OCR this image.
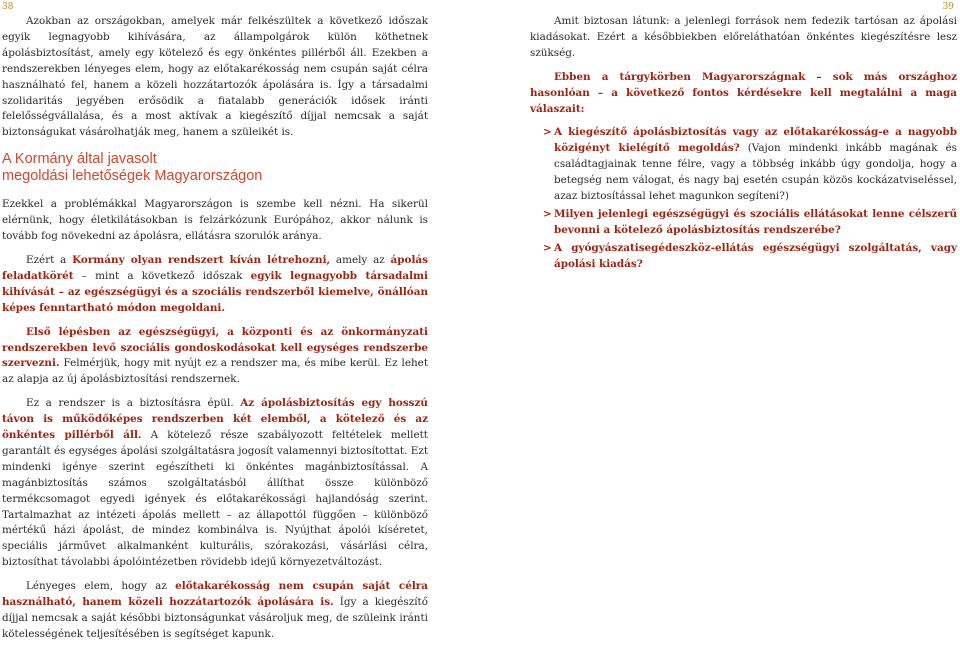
38	39

Azokban az országokban, amelyek már felkészültek a következő időszak egyik legnagyobb kihívására, az állampolgárok külön köthetnek ápolásbiztosítást, amely egy kötelező és egy önkéntes pillérből áll. Ezekben a rendszerekben lényeges elem, hogy az előtakarékosság nem csupán saját célra használható fel, hanem a közeli hozzátartozók ápolására is. Így a társadalmi szolidaritás jegyében erősödik a fiatalabb generációk idősek iránti felelősségvállalása, és a most aktívak a kiegészítő díjjal nemcsak a saját biztonságukat vásárolhatják meg, hanem a szüleikét is.

A Kormány által javasolt
megoldási lehetőségek Magyarországon

Ezekkel a problémákkal Magyarországon is szembe kell nézni. Ha sikerül elérnünk, hogy életkilátásokban is felzárkózunk Európához, akkor nálunk is tovább fog növekedni az ápolásra, ellátásra szorulók aránya.

Ezért a Kormány olyan rendszert kíván létrehozni, amely az ápolás feladatkörét – mint a következő időszak egyik legnagyobb társadalmi kihívását – az egészségügyi és a szociális rendszerből kiemelve, önállóan képes fenntartható módon megoldani.

Első lépésben az egészségügyi, a központi és az önkormányzati rendszerekben levő szociális gondoskodásokat kell egységes rendszerbe szervezni. Felmérjük, hogy mit nyújt ez a rendszer ma, és mibe kerül. Ez lehet az alapja az új ápolásbiztosítási rendszernek.

Ez a rendszer is a biztosításra épül. Az ápolásbiztosítás egy hosszú távon is működőképes rendszerben két elemből, a kötelező és az önkéntes pillérből áll. A kötelező része szabályozott feltételek mellett garantált és egységes ápolási szolgáltatásra jogosít valamennyi biztosítottat. Ezt mindenki igénye szerint egészítheti ki önkéntes magánbiztosítással. A magánbiztosítás számos szolgáltatásból állíthat össze különböző termékcsomagot egyedi igények és előtakarékossági hajlandóság szerint. Tartalmazhat az intézeti ápolás mellett – az állapottól függően – különböző mértékű házi ápolást, de mindez kombinálva is. Nyújthat ápolói kíséretet, speciális járművet alkalmanként kulturális, szórakozási, vásárlási célra, biztosíthat távolabbi ápolóintézetben rövidebb idejű környezetváltozást.

Lényeges elem, hogy az előtakarékosság nem csupán saját célra használható, hanem közeli hozzátartozók ápolására is. Így a kiegészítő díjjal nemcsak a saját későbbi biztonságunkat vásároljuk meg, de szüleink iránti kötelességének teljesítésében is segítséget kapunk.

Amit biztosan látunk: a jelenlegi források nem fedezik tartósan az ápolási kiadásokat. Ezért a későbbiekben előreláthatóan önkéntes kiegészítésre lesz szükség.

Ebben a tárgykörben Magyarországnak – sok más országhoz hasonlóan – a következő fontos kérdésekre kell megtalálni a maga válaszait:

> A kiegészítő ápolásbiztosítás vagy az előtakarékosság-e a nagyobb közigényt kielégítő megoldás? (Vajon mindenki inkább magának és családtagjainak tenne félre, vagy a többség inkább úgy gondolja, hogy a betegség nem válogat, és nagy baj esetén csupán közös kockázatviseléssel, azaz biztosítással lehet magunkon segíteni?)
> Milyen jelenlegi egészségügyi és szociális ellátásokat lenne célszerű bevonni a kötelező ápolásbiztosítás rendszerébe?
> A gyógyászatisegédeszköz-ellátás egészségügyi szolgáltatás, vagy ápolási kiadás?
